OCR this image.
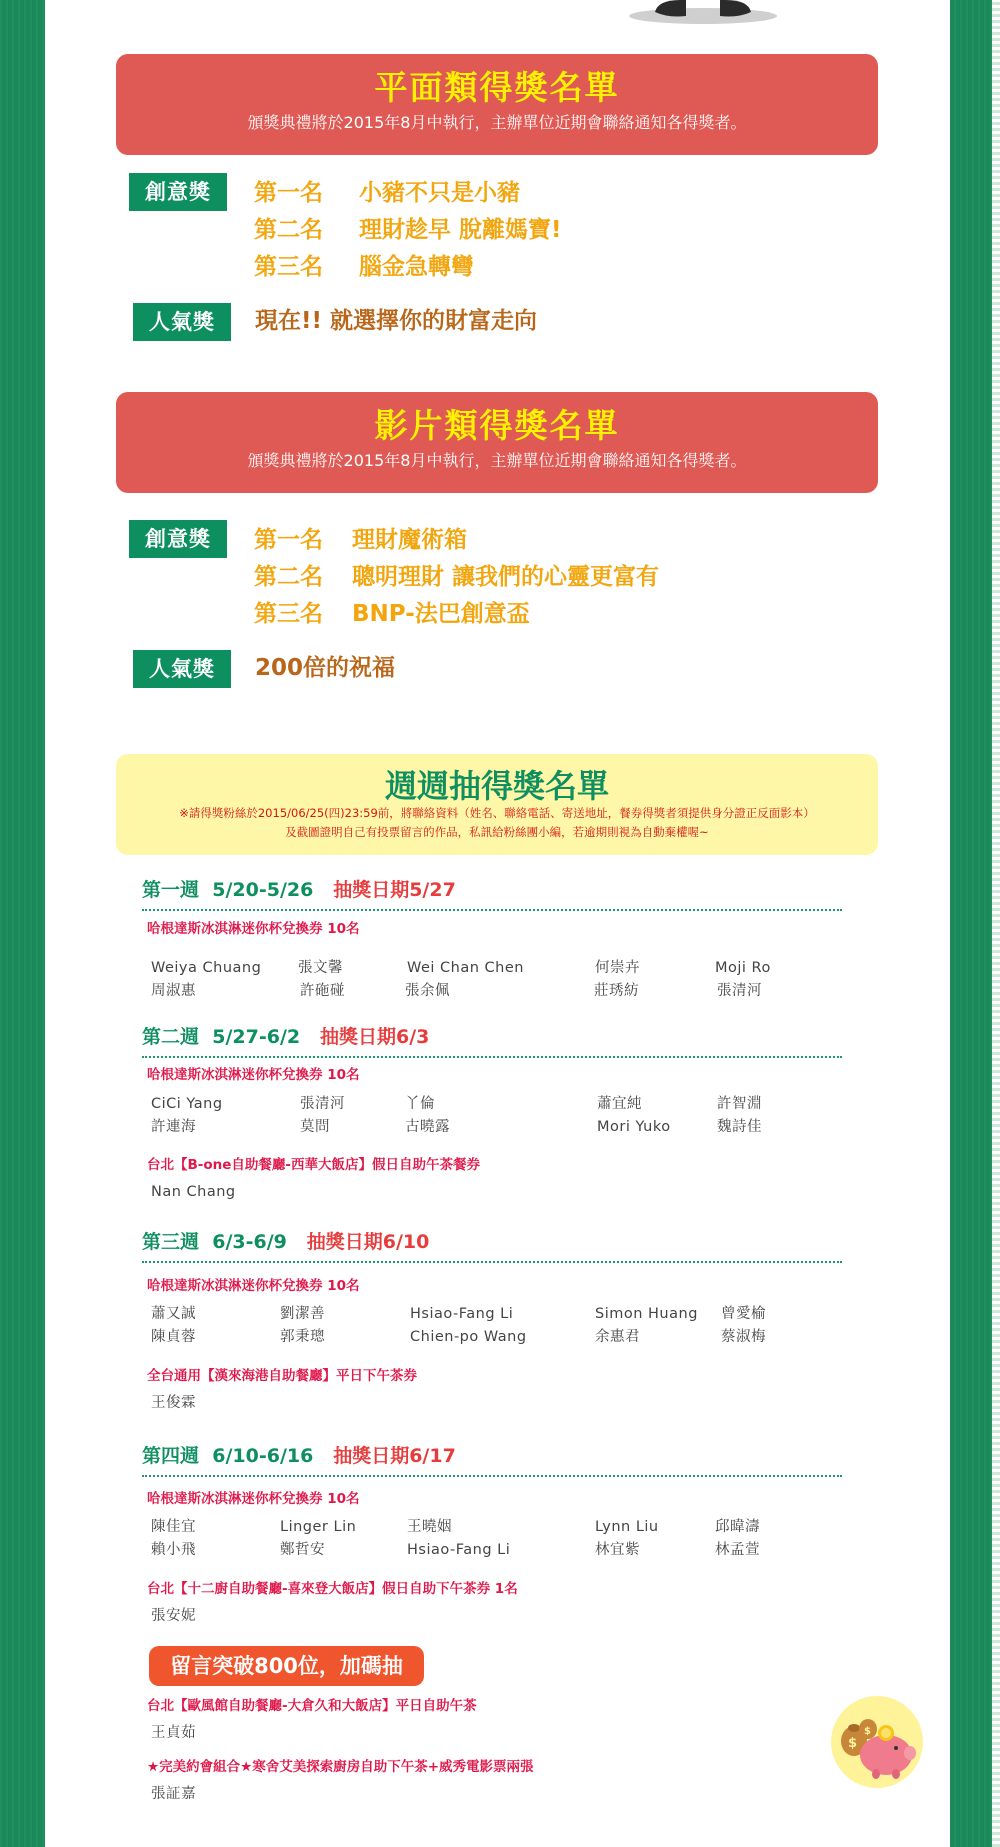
平面類得獎名單
頒獎典禮將於2015年8月中執行，主辦單位近期會聯絡通知各得獎者。
創意獎	第一名 小豬不只是小豬
第二名 理財趁早 脫離媽寶!
第三名 腦金急轉彎
人氣獎	現在!! 就選擇你的財富走向
影片類得獎名單
頒獎典禮將於2015年8月中執行，主辦單位近期會聯絡通知各得獎者。
創意獎	第一名 理財魔術箱
第二名 聰明理財 讓我們的心靈更富有
第三名 BNP-法巴創意盃
人氣獎	200倍的祝福
週週抽得獎名單
※請得獎粉絲於2015/06/25(四)23:59前，將聯絡資料（姓名、聯絡電話、寄送地址，餐券得獎者須提供身分證正反面影本）
及截圖證明自己有投票留言的作品，私訊給粉絲團小編，若逾期則視為自動棄權喔~
第一週 5/20-5/26 抽獎日期5/27
哈根達斯冰淇淋迷你杯兌換券 10名
Weiya Chuang	張文馨	Wei Chan Chen	何崇卉	Moji Ro
周淑惠	許砤碰	張余佩	莊琇紡	張清河
第二週 5/27-6/2 抽獎日期6/3
哈根達斯冰淇淋迷你杯兌換券 10名
CiCi Yang	張清河	丫倫	蕭宜純	許智淵
許連海	莫問	古曉露	Mori Yuko	魏詩佳
台北【B-one自助餐廳-西華大飯店】假日自助午茶餐券
Nan Chang
第三週 6/3-6/9 抽獎日期6/10
哈根達斯冰淇淋迷你杯兌換券 10名
蕭又誠	劉潔善	Hsiao-Fang Li	Simon Huang 曾愛榆
陳貞蓉	郭秉璁	Chien-po Wang	余惠君	蔡淑梅
全台通用【漢來海港自助餐廳】平日下午茶券
王俊霖
第四週 6/10-6/16 抽獎日期6/17
哈根達斯冰淇淋迷你杯兌換券 10名
陳佳宜	Linger Lin	王曉姻	Lynn Liu	邱暐濤
賴小飛	鄭哲安	Hsiao-Fang Li	林宜紫	林孟萱
台北【十二廚自助餐廳-喜來登大飯店】假日自助下午茶券 1名
張安妮
留言突破800位，加碼抽
台北【歐風館自助餐廳-大倉久和大飯店】平日自助午茶
王貞茹
★完美約會組合★寒舍艾美探索廚房自助下午茶+威秀電影票兩張
張証嘉
$
$
